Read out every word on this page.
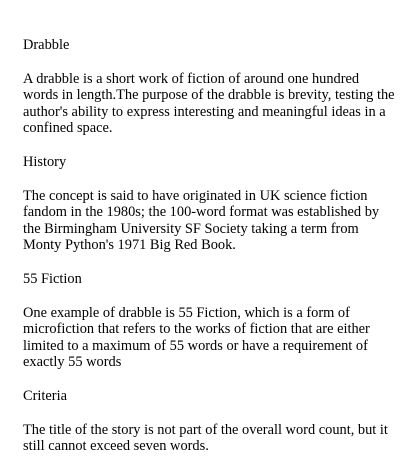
Drabble

A drabble is a short work of fiction of around one hundred words in length.The purpose of the drabble is brevity, testing the author's ability to express interesting and meaningful ideas in a confined space.

History

The concept is said to have originated in UK science fiction fandom in the 1980s; the 100-word format was established by the Birmingham University SF Society taking a term from Monty Python's 1971 Big Red Book.

55 Fiction

One example of drabble is 55 Fiction, which is a form of microfiction that refers to the works of fiction that are either limited to a maximum of 55 words or have a requirement of exactly 55 words

Criteria

The title of the story is not part of the overall word count, but it still cannot exceed seven words.
